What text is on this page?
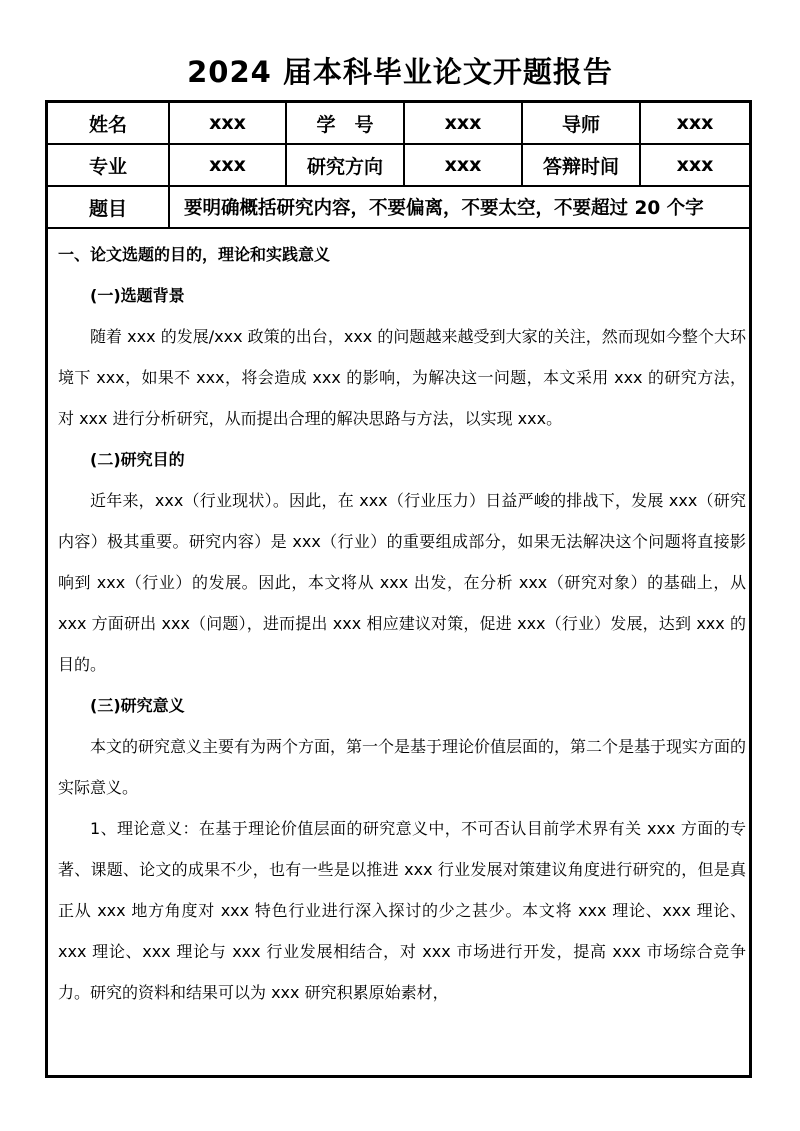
2024 届本科毕业论文开题报告
姓名	xxx	学　号	xxx	导师	xxx
专业	xxx	研究方向	xxx	答辩时间	xxx
题目	要明确概括研究内容，不要偏离，不要太空，不要超过 20 个字				

一、论文选题的目的，理论和实践意义

(一)选题背景

随着 xxx 的发展/xxx 政策的出台，xxx 的问题越来越受到大家的关注，然而现如今整个大环境下 xxx，如果不 xxx，将会造成 xxx 的影响，为解决这一问题，本文采用 xxx 的研究方法，对 xxx 进行分析研究，从而提出合理的解决思路与方法，以实现 xxx。

(二)研究目的

近年来，xxx（行业现状）。因此，在 xxx（行业压力）日益严峻的排战下，发展 xxx（研究内容）极其重要。研究内容）是 xxx（行业）的重要组成部分，如果无法解决这个问题将直接影响到 xxx（行业）的发展。因此，本文将从 xxx 出发，在分析 xxx（研究对象）的基础上，从 xxx 方面研出 xxx（问题），进而提出 xxx 相应建议对策，促进 xxx（行业）发展，达到 xxx 的目的。

(三)研究意义

本文的研究意义主要有为两个方面，第一个是基于理论价值层面的，第二个是基于现实方面的实际意义。

1、理论意义：在基于理论价值层面的研究意义中，不可否认目前学术界有关 xxx 方面的专著、课题、论文的成果不少，也有一些是以推进 xxx 行业发展对策建议角度进行研究的，但是真正从 xxx 地方角度对 xxx 特色行业进行深入探讨的少之甚少。本文将 xxx 理论、xxx 理论、xxx 理论、xxx 理论与 xxx 行业发展相结合，对 xxx 市场进行开发，提高 xxx 市场综合竞争力。研究的资料和结果可以为 xxx 研究积累原始素材，
